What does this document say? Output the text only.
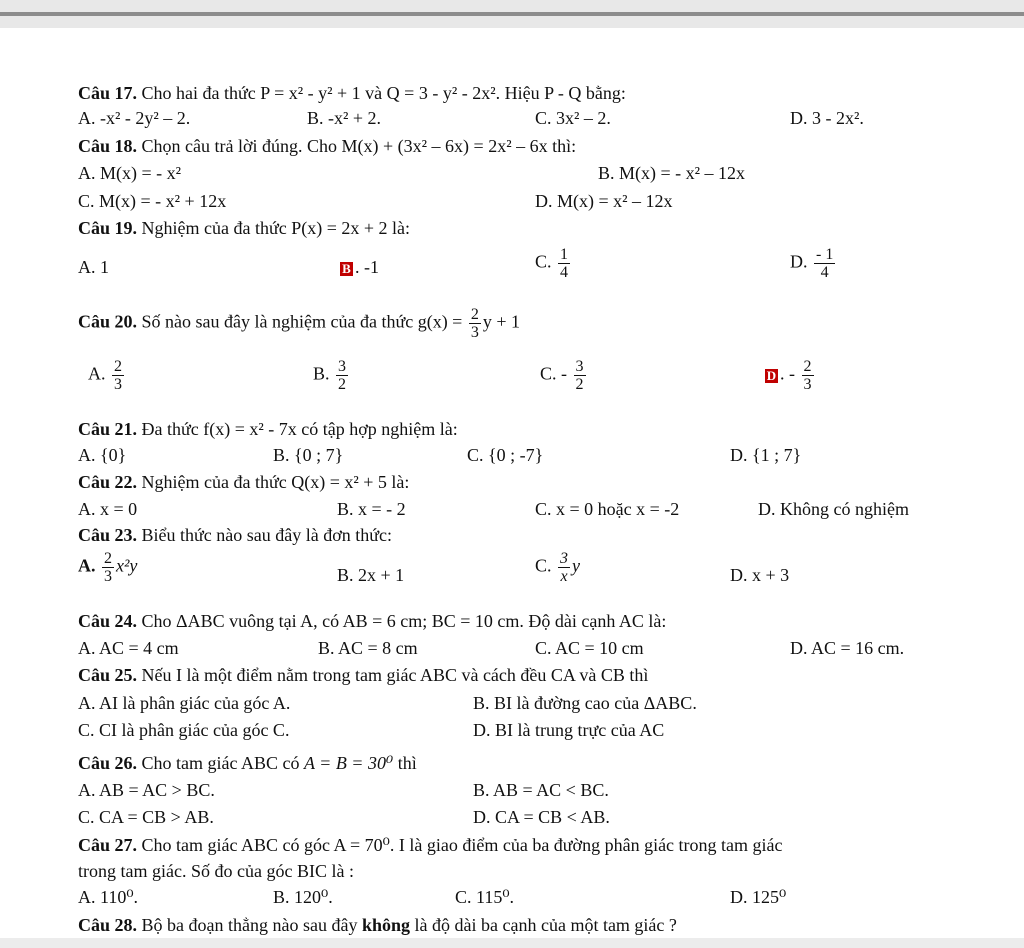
Câu 17. Cho hai đa thức P = x² - y² + 1 và Q = 3 - y² - 2x². Hiệu P - Q bằng:
A. -x² - 2y² – 2.	B. -x² + 2.	C. 3x² – 2.	D. 3 - 2x².
Câu 18. Chọn câu trả lời đúng. Cho M(x) + (3x² – 6x) = 2x² – 6x thì:
A. M(x) = - x²	B. M(x) = - x² – 12x
C. M(x) = - x² + 12x	D. M(x) = x² – 12x
Câu 19. Nghiệm của đa thức P(x) = 2x + 2 là:
A. 1	B . -1	C. $\frac{1}{4}$	D. $\frac{- 1}{4}$
Câu 20. Số nào sau đây là nghiệm của đa thức $g(x) = \frac{2}{3}$ y + 1
A. $\frac{2}{3}$	B. $\frac{3}{2}$	C. - $\frac{3}{2}$	D . - $\frac{2}{3}$
Câu 21. Đa thức f(x) = x² - 7x có tập hợp nghiệm là:
A. {0}	B. {0 ; 7}	C. {0 ; -7}	D. {1 ; 7}
Câu 22. Nghiệm của đa thức Q(x) = x² + 5 là:
A. x = 0	B. x = - 2	C. x = 0 hoặc x = -2	D. Không có nghiệm
Câu 23. Biểu thức nào sau đây là đơn thức:
A. $\frac{2}{3} x^2y$	B. 2x + 1	C. $\frac{3}{x}$ y	D. x + 3
Câu 24. Cho ΔABC vuông tại A, có AB = 6 cm; BC = 10 cm. Độ dài cạnh AC là:
A. AC = 4 cm	B. AC = 8 cm	C. AC = 10 cm	D. AC = 16 cm.
Câu 25. Nếu I là một điểm nằm trong tam giác ABC và cách đều CA và CB thì
A. AI là phân giác của góc A.	B. BI là đường cao của ΔABC.
C. CI là phân giác của góc C.	D. BI là trung trực của AC
Câu 26. Cho tam giác ABC có A = B = 30⁰ thì
A. AB = AC > BC.	B. AB = AC < BC.
C. CA = CB > AB.	D. CA = CB < AB.
Câu 27. Cho tam giác ABC có góc A = 70⁰. I là giao điểm của ba đường phân giác trong tam giác
trong tam giác. Số đo của góc BIC là :
A. 110⁰.	B. 120⁰.	C. 115⁰.	D. 125⁰
Câu 28. Bộ ba đoạn thẳng nào sau đây không là độ dài ba cạnh của một tam giác ?
